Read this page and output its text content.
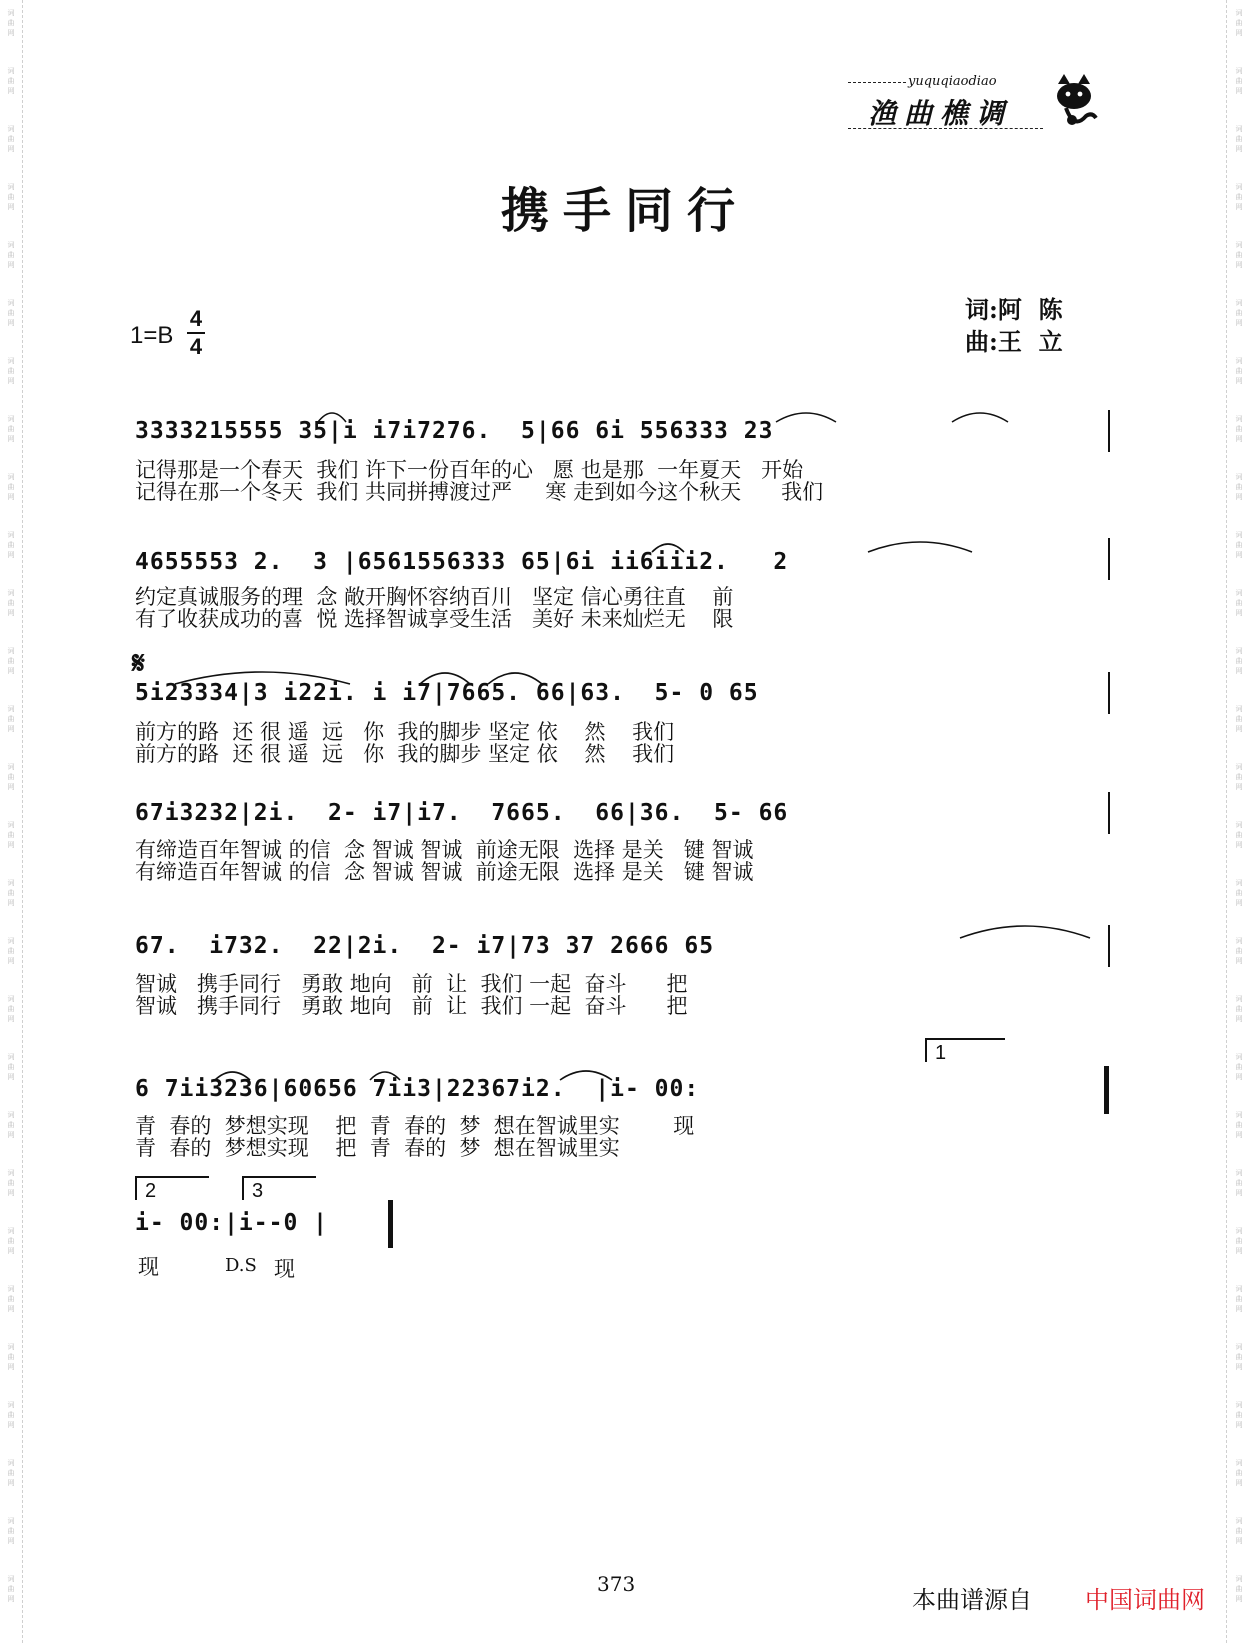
词
曲
网
词
曲
网
词
曲
网
词
曲
网
词
曲
网
词
曲
网
词
曲
网
词
曲
网
词
曲
网
词
曲
网
词
曲
网
词
曲
网
词
曲
网
词
曲
网
词
曲
网
词
曲
网
词
曲
网
词
曲
网
词
曲
网
词
曲
网
词
曲
网
词
曲
网
词
曲
网
词
曲
网
词
曲
网
词
曲
网
词
曲
网
词
曲
网
词
曲
网
词
曲
网
词
曲
网
词
曲
网
词
曲
网
词
曲
网
词
曲
网
词
曲
网
词
曲
网
词
曲
网
词
曲
网
词
曲
网
词
曲
网
词
曲
网
词
曲
网
词
曲
网
词
曲
网
词
曲
网
词
曲
网
词
曲
网
词
曲
网
词
曲
网
词
曲
网
词
曲
网
词
曲
网
词
曲
网
词
曲
网
词
曲
网
yuquqiaodiao
渔曲樵调
携手同行
1=B
4
4
词:阿  陈
曲:王  立
3333215555 35|i i7i7276.  5|66 6i 556333 23
记得那是一个春天  我们 许下一份百年的心   愿 也是那  一年夏天   开始
记得在那一个冬天  我们 共同拼搏渡过严     寒 走到如今这个秋天      我们
4655553 2.  3 |6561556333 65|6i ii6iii2.   2
约定真诚服务的理  念 敞开胸怀容纳百川   坚定 信心勇往直    前
有了收获成功的喜  悦 选择智诚享受生活   美好 未来灿烂无    限
𝄋
5i23334|3 i22i. i i7|7665. 66|63.  5- 0 65
前方的路  还 很 遥  远   你  我的脚步 坚定 依    然    我们
前方的路  还 很 遥  远   你  我的脚步 坚定 依    然    我们
67i3232|2i.  2- i7|i7.  7665.  66|36.  5- 66
有缔造百年智诚 的信  念 智诚 智诚  前途无限  选择 是关   键 智诚
有缔造百年智诚 的信  念 智诚 智诚  前途无限  选择 是关   键 智诚
67.  i732.  22|2i.  2- i7|73 37 2666 65
智诚   携手同行   勇敢 地向   前  让  我们 一起  奋斗      把
智诚   携手同行   勇敢 地向   前  让  我们 一起  奋斗      把
1
6 7ii3236|60656 7ii3|22367i2.  |i- 00:
青  春的  梦想实现    把  青  春的  梦  想在智诚里实        现
青  春的  梦想实现    把  青  春的  梦  想在智诚里实
2	3
i- 00:|i--0 |
现	D.S 现
373
本曲谱源自 中国词曲网
